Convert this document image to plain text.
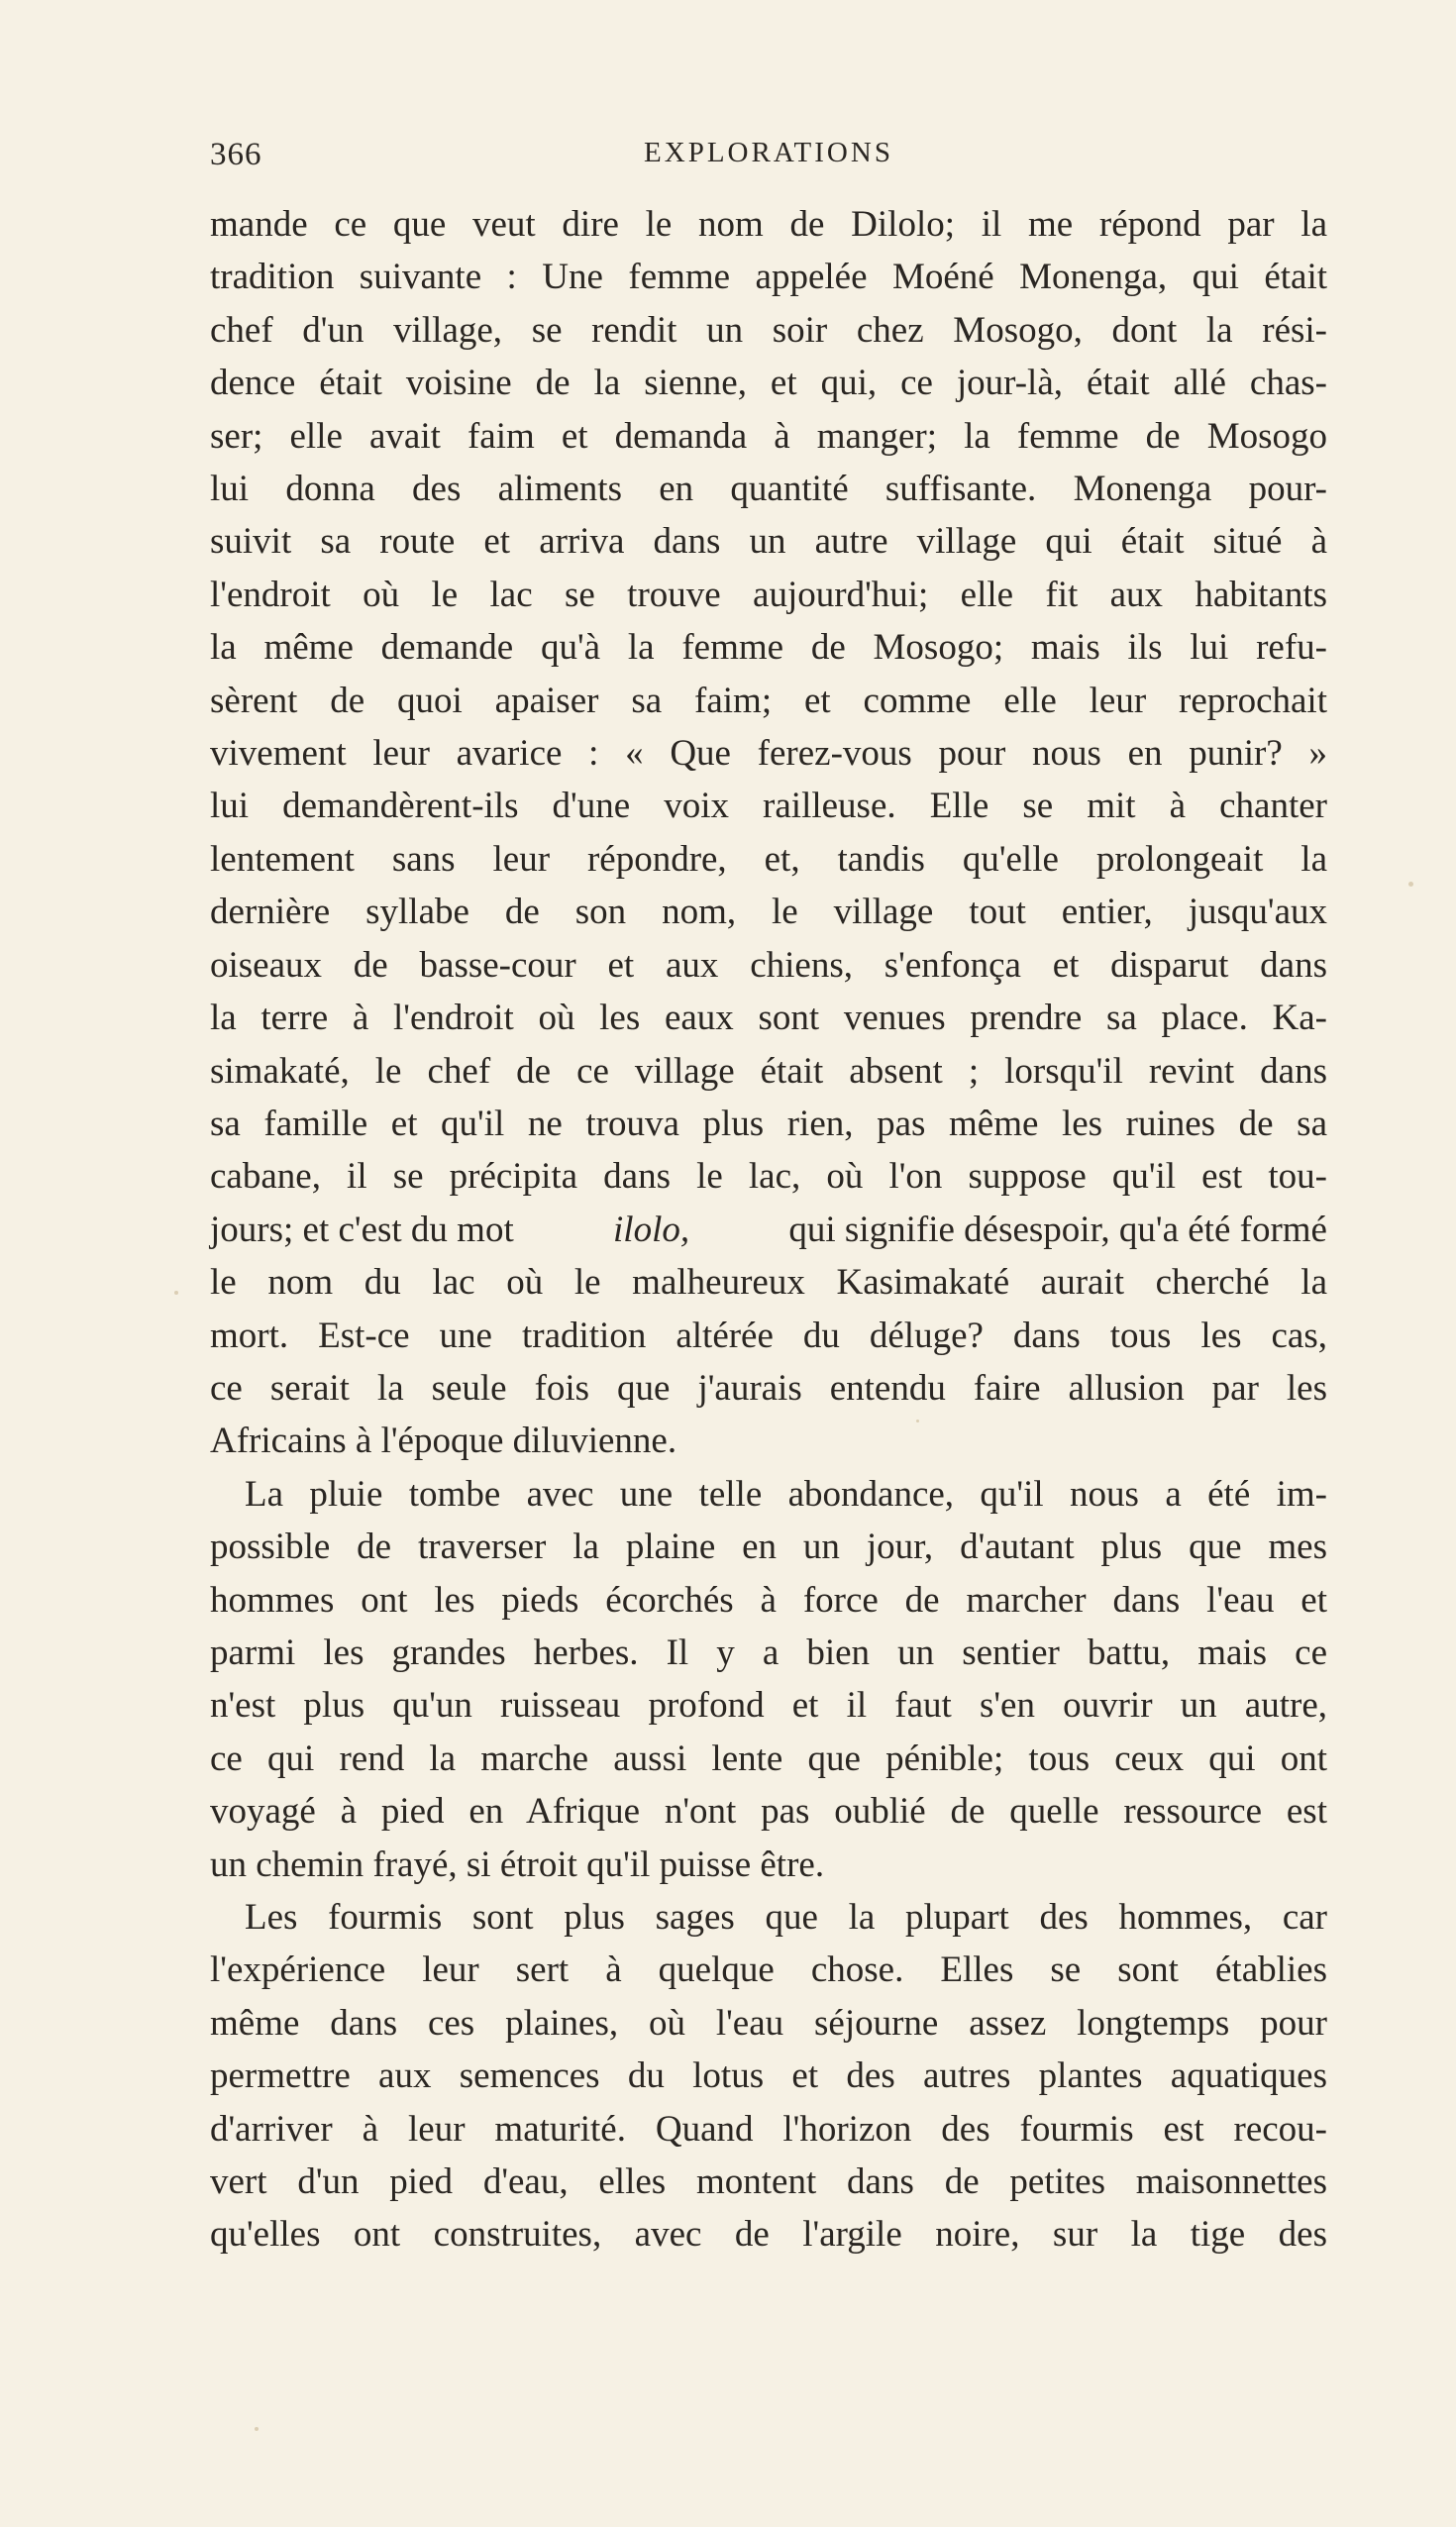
366	EXPLORATIONS
mande ce que veut dire le nom de Dilolo; il me répond par la
tradition suivante : Une femme appelée Moéné Monenga, qui était
chef d'un village, se rendit un soir chez Mosogo, dont la rési-
dence était voisine de la sienne, et qui, ce jour-là, était allé chas-
ser; elle avait faim et demanda à manger; la femme de Mosogo
lui donna des aliments en quantité suffisante. Monenga pour-
suivit sa route et arriva dans un autre village qui était situé à
l'endroit où le lac se trouve aujourd'hui; elle fit aux habitants
la même demande qu'à la femme de Mosogo; mais ils lui refu-
sèrent de quoi apaiser sa faim; et comme elle leur reprochait
vivement leur avarice : « Que ferez-vous pour nous en punir? »
lui demandèrent-ils d'une voix railleuse. Elle se mit à chanter
lentement sans leur répondre, et, tandis qu'elle prolongeait la
dernière syllabe de son nom, le village tout entier, jusqu'aux
oiseaux de basse-cour et aux chiens, s'enfonça et disparut dans
la terre à l'endroit où les eaux sont venues prendre sa place. Ka-
simakaté, le chef de ce village était absent ; lorsqu'il revint dans
sa famille et qu'il ne trouva plus rien, pas même les ruines de sa
cabane, il se précipita dans le lac, où l'on suppose qu'il est tou-
jours; et c'est du mot ilolo, qui signifie désespoir, qu'a été formé
le nom du lac où le malheureux Kasimakaté aurait cherché la
mort. Est-ce une tradition altérée du déluge? dans tous les cas,
ce serait la seule fois que j'aurais entendu faire allusion par les
Africains à l'époque diluvienne.
La pluie tombe avec une telle abondance, qu'il nous a été im-
possible de traverser la plaine en un jour, d'autant plus que mes
hommes ont les pieds écorchés à force de marcher dans l'eau et
parmi les grandes herbes. Il y a bien un sentier battu, mais ce
n'est plus qu'un ruisseau profond et il faut s'en ouvrir un autre,
ce qui rend la marche aussi lente que pénible; tous ceux qui ont
voyagé à pied en Afrique n'ont pas oublié de quelle ressource est
un chemin frayé, si étroit qu'il puisse être.
Les fourmis sont plus sages que la plupart des hommes, car
l'expérience leur sert à quelque chose. Elles se sont établies
même dans ces plaines, où l'eau séjourne assez longtemps pour
permettre aux semences du lotus et des autres plantes aquatiques
d'arriver à leur maturité. Quand l'horizon des fourmis est recou-
vert d'un pied d'eau, elles montent dans de petites maisonnettes
qu'elles ont construites, avec de l'argile noire, sur la tige des
